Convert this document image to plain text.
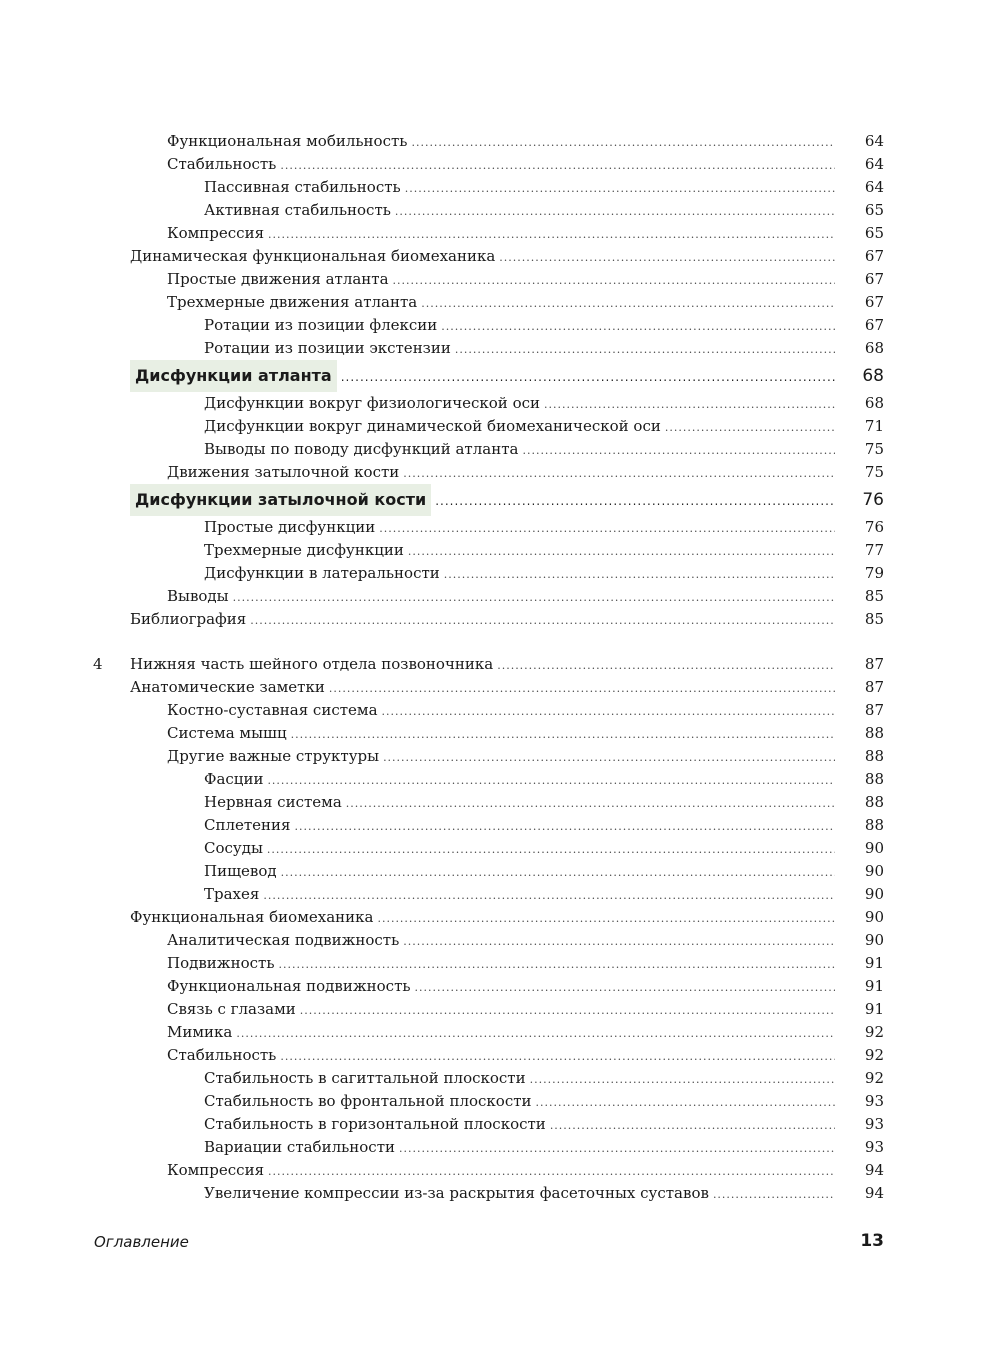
Функциональная мобильность .....	64
Стабильность .....	64
Пассивная стабильность .....	64
Активная стабильность .....	65
Компрессия .....	65
Динамическая функциональная биомеханика .....	67
Простые движения атланта .....	67
Трехмерные движения атланта .....	67
Ротации из позиции флексии .....	67
Ротации из позиции экстензии .....	68
Дисфункции атланта .....	68
Дисфункции вокруг физиологической оси .....	68
Дисфункции вокруг динамической биомеханической оси .....	71
Выводы по поводу дисфункций атланта .....	75
Движения затылочной кости .....	75
Дисфункции затылочной кости .....	76
Простые дисфункции .....	76
Трехмерные дисфункции .....	77
Дисфункции в латеральности .....	79
Выводы .....	85
Библиография .....	85
4 Нижняя часть шейного отдела позвоночника .....	87
Анатомические заметки .....	87
Костно-суставная система .....	87
Система мышц .....	88
Другие важные структуры .....	88
Фасции .....	88
Нервная система .....	88
Сплетения .....	88
Сосуды .....	90
Пищевод .....	90
Трахея .....	90
Функциональная биомеханика .....	90
Аналитическая подвижность .....	90
Подвижность .....	91
Функциональная подвижность .....	91
Связь с глазами .....	91
Мимика .....	92
Стабильность .....	92
Стабильность в сагиттальной плоскости .....	92
Стабильность во фронтальной плоскости .....	93
Стабильность в горизонтальной плоскости .....	93
Вариации стабильности .....	93
Компрессия .....	94
Увеличение компрессии из-за раскрытия фасеточных суставов .....	94
Оглавление	13
